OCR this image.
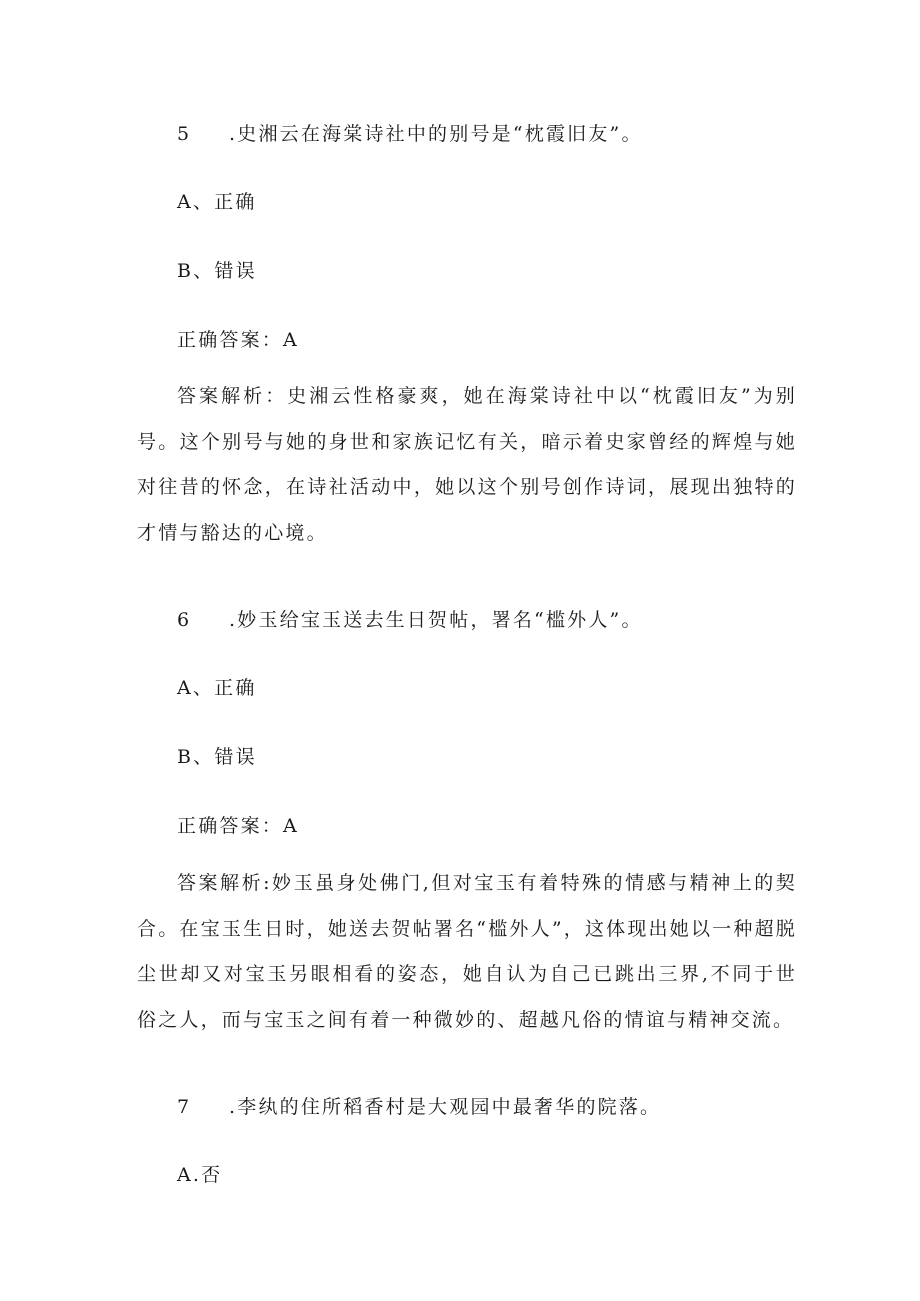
5 .史湘云在海棠诗社中的别号是“枕霞旧友”。
A、正确
B、错误
正确答案：A
答案解析：史湘云性格豪爽，她在海棠诗社中以“枕霞旧友”为别号。这个别号与她的身世和家族记忆有关，暗示着史家曾经的辉煌与她对往昔的怀念，在诗社活动中，她以这个别号创作诗词，展现出独特的才情与豁达的心境。
6 .妙玉给宝玉送去生日贺帖，署名“槛外人”。
A、正确
B、错误
正确答案：A
答案解析:妙玉虽身处佛门,但对宝玉有着特殊的情感与精神上的契合。在宝玉生日时，她送去贺帖署名“槛外人”，这体现出她以一种超脱尘世却又对宝玉另眼相看的姿态，她自认为自己已跳出三界,不同于世俗之人，而与宝玉之间有着一种微妙的、超越凡俗的情谊与精神交流。
7 .李纨的住所稻香村是大观园中最奢华的院落。
A.否
